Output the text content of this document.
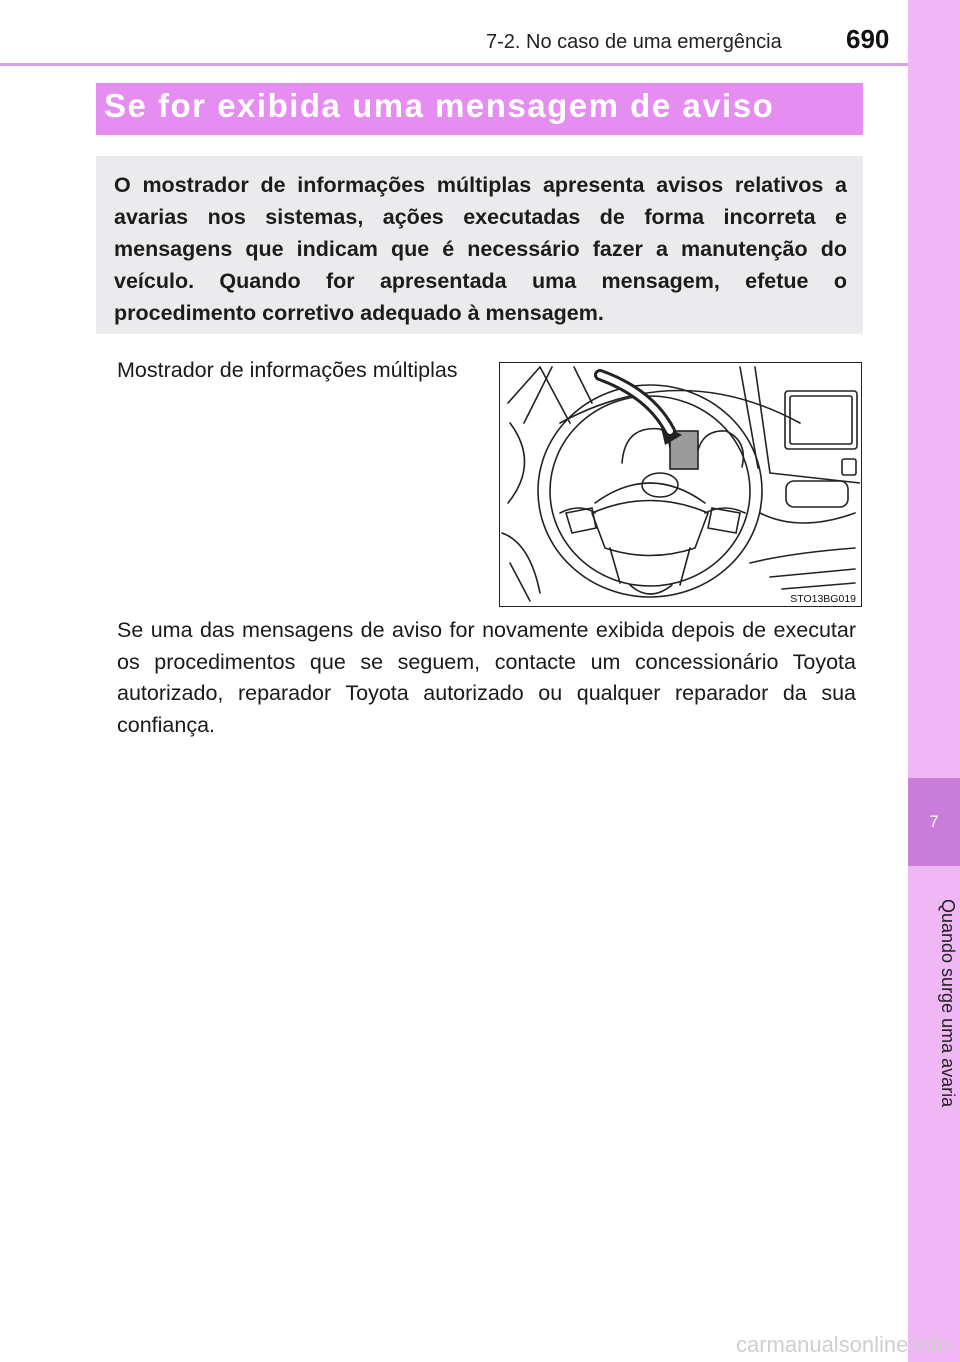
7-2. No caso de uma emergência 690
7
Quando surge uma avaria
Se for exibida uma mensagem de aviso

O mostrador de informações múltiplas apresenta avisos relativos a avarias nos sistemas, ações executadas de forma incorreta e mensagens que indicam que é necessário fazer a manutenção do veículo. Quando for apresentada uma mensagem, efetue o procedimento corretivo adequado à mensagem.

Mostrador de informações múltiplas

STO13BG019

Se uma das mensagens de aviso for novamente exibida depois de executar os procedimentos que se seguem, contacte um concessionário Toyota autorizado, reparador Toyota autorizado ou qualquer reparador da sua confiança.

carmanualsonline.info
